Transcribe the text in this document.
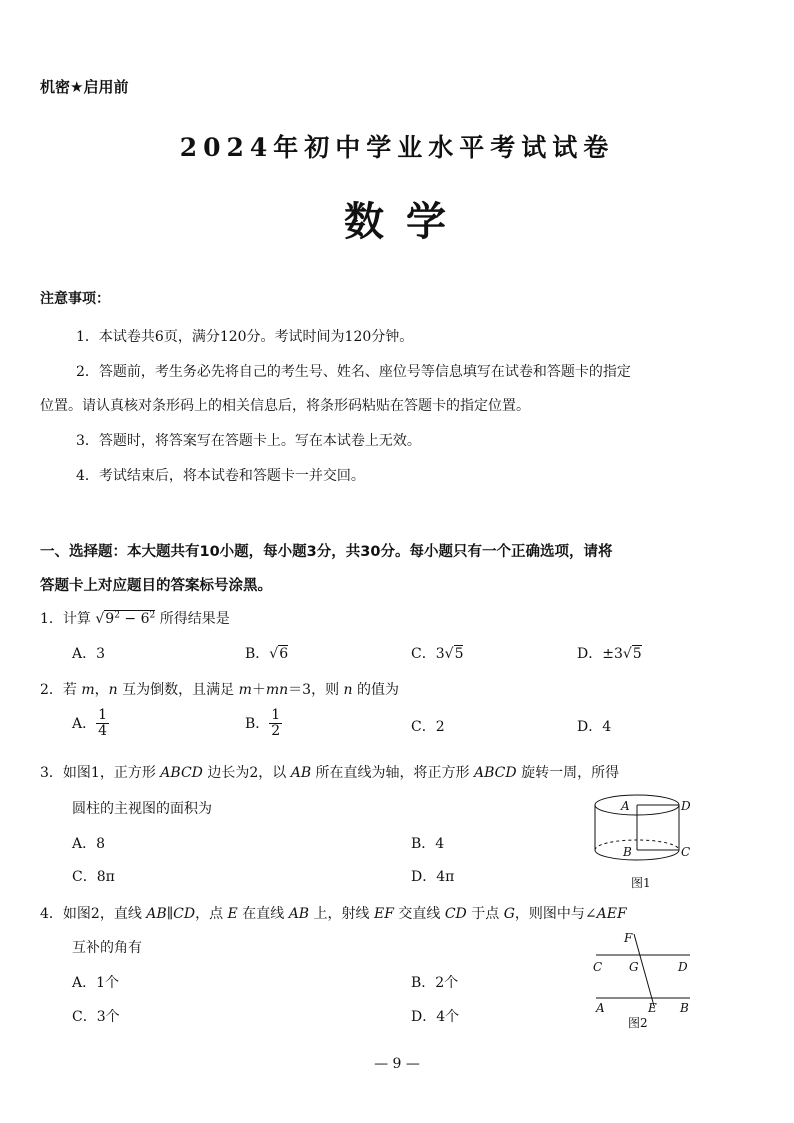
机密★启用前
2024年初中学业水平考试试卷
数 学
注意事项：
1．本试卷共6页，满分120分。考试时间为120分钟。
2．答题前，考生务必先将自己的考生号、姓名、座位号等信息填写在试卷和答题卡的指定
位置。请认真核对条形码上的相关信息后，将条形码粘贴在答题卡的指定位置。
3．答题时，将答案写在答题卡上。写在本试卷上无效。
4．考试结束后，将本试卷和答题卡一并交回。
一、选择题：本大题共有10小题，每小题3分，共30分。每小题只有一个正确选项，请将
答题卡上对应题目的答案标号涂黑。
1．计算 $√9^2 - 6^2$ 所得结果是
A．3	B．√6	C．3√5	D．±3√5
2．若 m，n 互为倒数，且满足 m＋mn＝3，则 n 的值为
A． $\frac{1}{4}$	B． $\frac{1}{2}$	C．2	D．4
3．如图1，正方形 ABCD 边长为2，以 AB 所在直线为轴，将正方形 ABCD 旋转一周，所得
圆柱的主视图的面积为
A．8	B．4
C．8π	D．4π
A	D
B	C
图1
4．如图2，直线 AB∥CD，点 E 在直线 AB 上，射线 EF 交直线 CD 于点 G，则图中与∠AEF
互补的角有
A．1个	B．2个
C．3个	D．4个
F
C G	D
A	E B
图2
— 9 —
